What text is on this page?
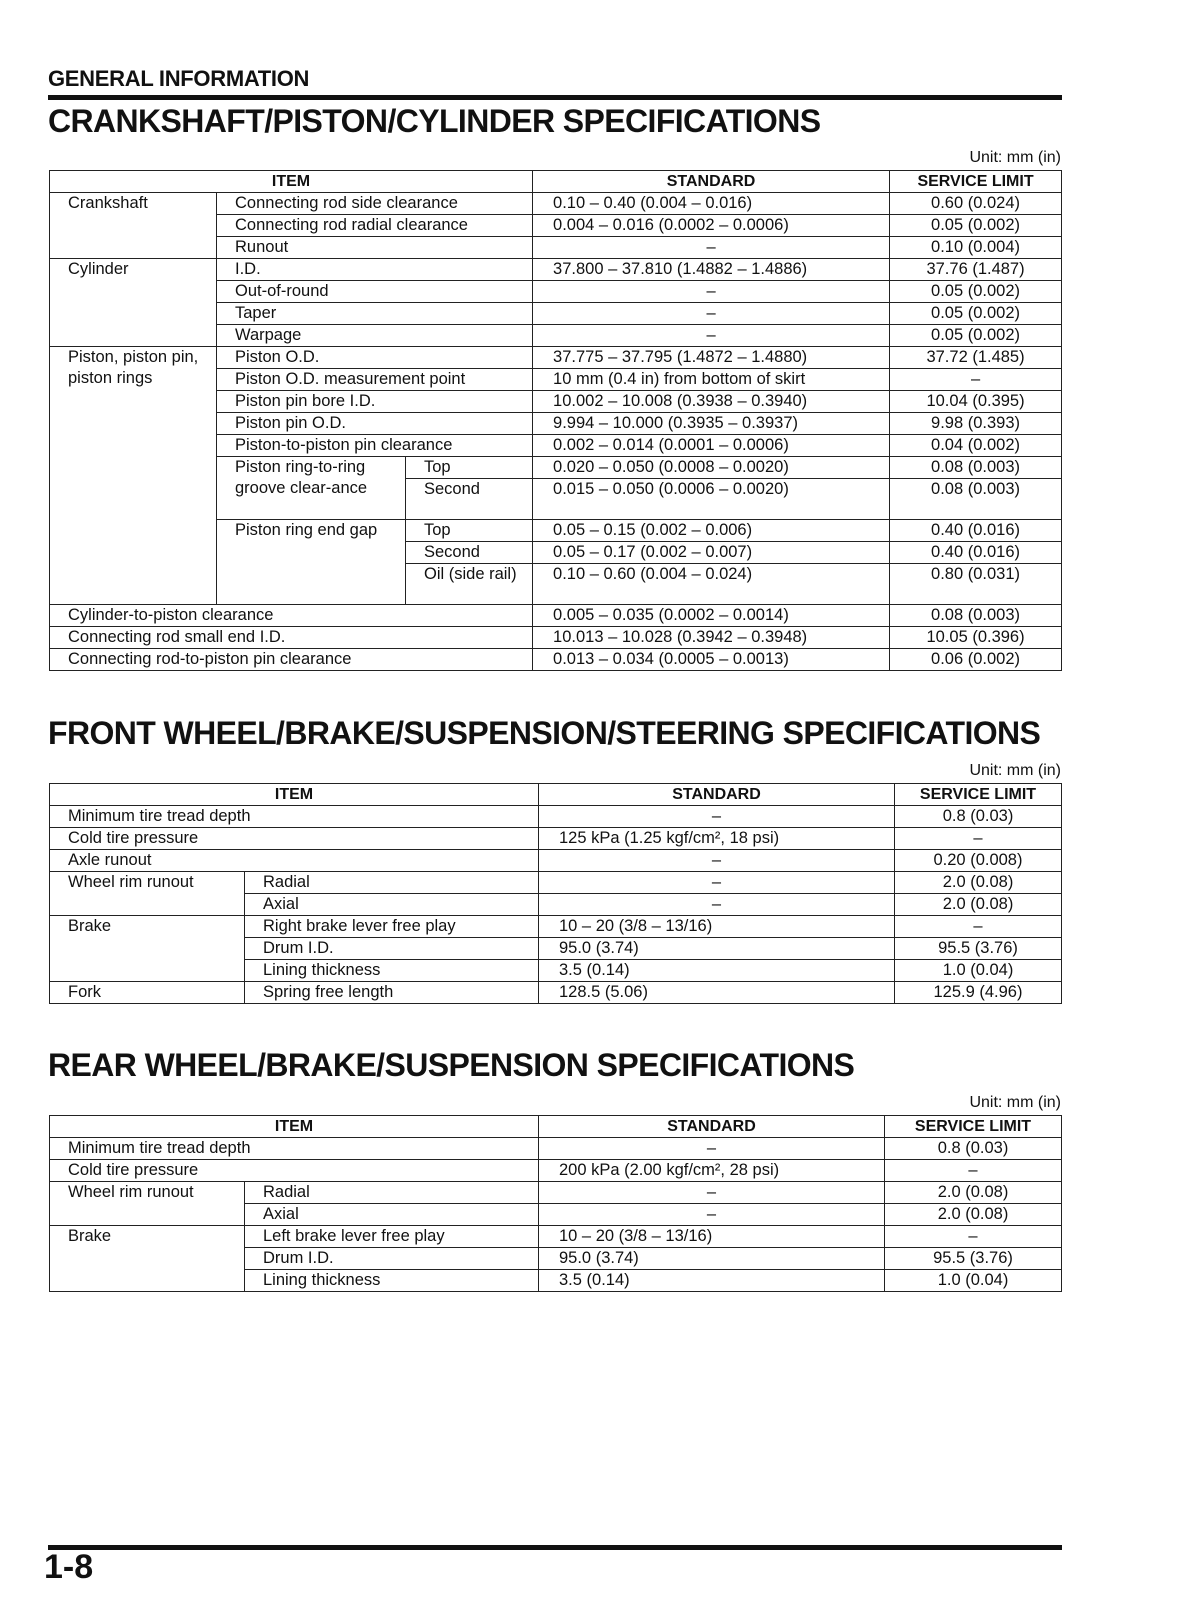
GENERAL INFORMATION
CRANKSHAFT/PISTON/CYLINDER SPECIFICATIONS
Unit: mm (in)
ITEM			STANDARD	SERVICE LIMIT
Crankshaft	Connecting rod side clearance		0.10 – 0.40 (0.004 – 0.016)	0.60 (0.024)
	Connecting rod radial clearance		0.004 – 0.016 (0.0002 – 0.0006)	0.05 (0.002)
	Runout		–	0.10 (0.004)
Cylinder	I.D.		37.800 – 37.810 (1.4882 – 1.4886)	37.76 (1.487)
	Out-of-round		–	0.05 (0.002)
	Taper		–	0.05 (0.002)
	Warpage		–	0.05 (0.002)
Piston, piston pin, piston rings	Piston O.D.		37.775 – 37.795 (1.4872 – 1.4880)	37.72 (1.485)
	Piston O.D. measurement point		10 mm (0.4 in) from bottom of skirt	–
	Piston pin bore I.D.		10.002 – 10.008 (0.3938 – 0.3940)	10.04 (0.395)
	Piston pin O.D.		9.994 – 10.000 (0.3935 – 0.3937)	9.98 (0.393)
	Piston-to-piston pin clearance		0.002 – 0.014 (0.0001 – 0.0006)	0.04 (0.002)
	Piston ring-to-ring groove clear-ance	Top	0.020 – 0.050 (0.0008 – 0.0020)	0.08 (0.003)
		Second	0.015 – 0.050 (0.0006 – 0.0020)	0.08 (0.003)
	Piston ring end gap	Top	0.05 – 0.15 (0.002 – 0.006)	0.40 (0.016)
		Second	0.05 – 0.17 (0.002 – 0.007)	0.40 (0.016)
		Oil (side rail)	0.10 – 0.60 (0.004 – 0.024)	0.80 (0.031)
Cylinder-to-piston clearance			0.005 – 0.035 (0.0002 – 0.0014)	0.08 (0.003)
Connecting rod small end I.D.			10.013 – 10.028 (0.3942 – 0.3948)	10.05 (0.396)
Connecting rod-to-piston pin clearance			0.013 – 0.034 (0.0005 – 0.0013)	0.06 (0.002)
FRONT WHEEL/BRAKE/SUSPENSION/STEERING SPECIFICATIONS
Unit: mm (in)
ITEM		STANDARD	SERVICE LIMIT
Minimum tire tread depth		–	0.8 (0.03)
Cold tire pressure		125 kPa (1.25 kgf/cm², 18 psi)	–
Axle runout		–	0.20 (0.008)
Wheel rim runout	Radial	–	2.0 (0.08)
	Axial	–	2.0 (0.08)
Brake	Right brake lever free play	10 – 20 (3/8 – 13/16)	–
	Drum I.D.	95.0 (3.74)	95.5 (3.76)
	Lining thickness	3.5 (0.14)	1.0 (0.04)
Fork	Spring free length	128.5 (5.06)	125.9 (4.96)
REAR WHEEL/BRAKE/SUSPENSION SPECIFICATIONS
Unit: mm (in)
ITEM		STANDARD	SERVICE LIMIT
Minimum tire tread depth		–	0.8 (0.03)
Cold tire pressure		200 kPa (2.00 kgf/cm², 28 psi)	–
Wheel rim runout	Radial	–	2.0 (0.08)
	Axial	–	2.0 (0.08)
Brake	Left brake lever free play	10 – 20 (3/8 – 13/16)	–
	Drum I.D.	95.0 (3.74)	95.5 (3.76)
	Lining thickness	3.5 (0.14)	1.0 (0.04)
1-8
